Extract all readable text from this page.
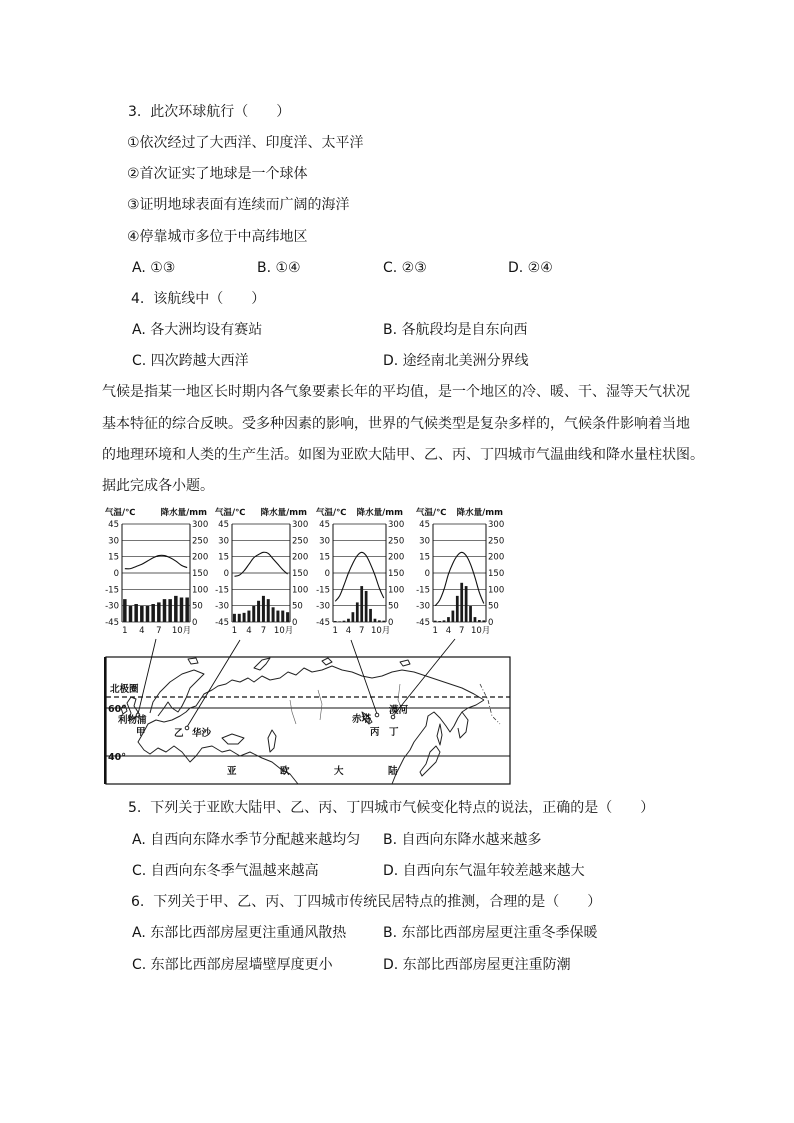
3.  此次环球航行（　　）
①依次经过了大西洋、印度洋、太平洋
②首次证实了地球是一个球体
③证明地球表面有连续而广阔的海洋
④停靠城市多位于中高纬地区
A. ①③	B. ①④	C. ②③	D. ②④
4.  该航线中（　　）
A. 各大洲均设有赛站	B. 各航段均是自东向西
C. 四次跨越大西洋	D. 途经南北美洲分界线
气候是指某一地区长时期内各气象要素长年的平均值，是一个地区的冷、暖、干、湿等天气状况
基本特征的综合反映。受多种因素的影响，世界的气候类型是复杂多样的，气候条件影响着当地
的地理环境和人类的生产生活。如图为亚欧大陆甲、乙、丙、丁四城市气温曲线和降水量柱状图。
据此完成各小题。
气温/℃	降水量/mm
45
30
15
0
-15
-30
-45
300
250
200
150
100
50
0
1 4 7 10月
气温/℃ 降水量/mm
45
30
15
0
-15
-30
-45
300
250
200
150
100
50
0
1 4 7 10月
气温/℃ 降水量/mm
45
30
15
0
-15
-30
-45
300
250
200
150
100
50
0
1 4 7 10月
气温/℃ 降水量/mm
45
30
15
0
-15
-30
-45
300
250
200
150
100
50
0
1 4 7 10月
北极圈
60°
40°
利物浦
甲	乙 华沙
赤塔
丙
漠河
丁
亚	欧	大	陆
5.  下列关于亚欧大陆甲、乙、丙、丁四城市气候变化特点的说法，正确的是（　　）
A. 自西向东降水季节分配越来越均匀 B. 自西向东降水越来越多
C. 自西向东冬季气温越来越高	D. 自西向东气温年较差越来越大
6.  下列关于甲、乙、丙、丁四城市传统民居特点的推测，合理的是（　　）
A. 东部比西部房屋更注重通风散热	B. 东部比西部房屋更注重冬季保暖
C. 东部比西部房屋墙壁厚度更小	D. 东部比西部房屋更注重防潮
